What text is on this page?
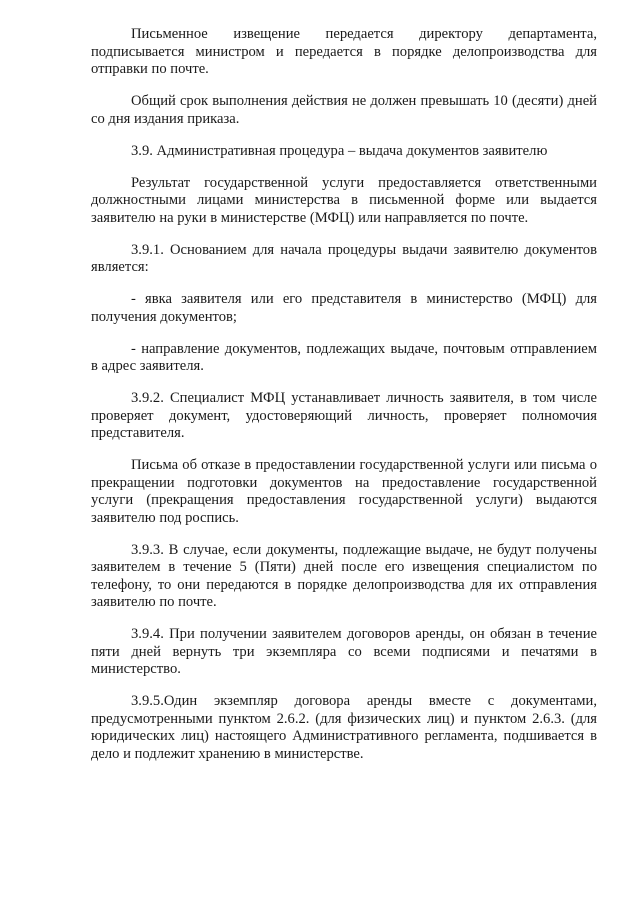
Письменное извещение передается директору департамента, подписывается министром и передается в порядке делопроизводства для отправки по почте.

Общий срок выполнения действия не должен превышать 10 (десяти) дней со дня издания приказа.

3.9. Административная процедура – выдача документов заявителю

Результат государственной услуги предоставляется ответственными должностными лицами министерства в письменной форме или выдается заявителю на руки в министерстве (МФЦ) или направляется по почте.

3.9.1. Основанием для начала процедуры выдачи заявителю документов является:

- явка заявителя или его представителя в министерство (МФЦ) для получения документов;

- направление документов, подлежащих выдаче, почтовым отправлением в адрес заявителя.

3.9.2. Специалист МФЦ устанавливает личность заявителя, в том числе проверяет документ, удостоверяющий личность, проверяет полномочия представителя.

Письма об отказе в предоставлении государственной услуги или письма о прекращении подготовки документов на предоставление государственной услуги (прекращения предоставления государственной услуги) выдаются заявителю под роспись.

3.9.3. В случае, если документы, подлежащие выдаче, не будут получены заявителем в течение 5 (Пяти) дней после его извещения специалистом по телефону, то они передаются в порядке делопроизводства для их отправления заявителю по почте.

3.9.4. При получении заявителем договоров аренды, он обязан в течение пяти дней вернуть три экземпляра со всеми подписями и печатями в министерство.

3.9.5.Один экземпляр договора аренды вместе с документами, предусмотренными пунктом 2.6.2. (для физических лиц) и пунктом 2.6.3. (для юридических лиц) настоящего Административного регламента, подшивается в дело и подлежит хранению в министерстве.
